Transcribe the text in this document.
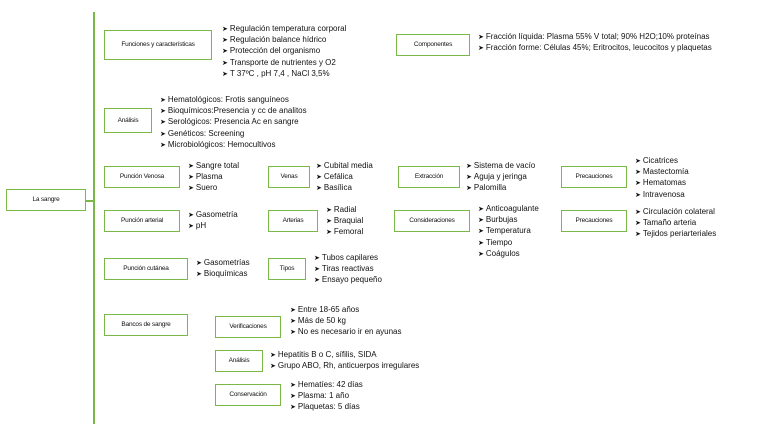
La sangre
Funciones y características
➤ Regulación temperatura corporal
➤ Regulación balance hídrico
➤ Protección del organismo
➤ Transporte de nutrientes y O2
➤ T 37ºC , pH 7,4 , NaCl 3,5%
Componentes
➤ Fracción líquida: Plasma 55% V total; 90% H2O;10% proteínas
➤ Fracción forme: Células 45%; Eritrocitos, leucocitos y plaquetas
Análisis
➤ Hematológicos: Frotis sanguíneos
➤ Bioquímicos:Presencia y cc de analitos
➤ Serológicos: Presencia Ac en sangre
➤ Genéticos: Screening
➤ Microbiológicos: Hemocultivos
Punción Venosa
➤ Sangre total
➤ Plasma
➤ Suero
Venas
➤ Cubital media
➤ Cefálica
➤ Basílica
Extracción
➤ Sistema de vacío
➤ Aguja y jeringa
➤ Palomilla
Precauciones
➤ Cicatrices
➤ Mastectomía
➤ Hematomas
➤ Intravenosa
Punción arterial
➤ Gasometría
➤ pH
Arterias
➤ Radial
➤ Braquial
➤ Femoral
Consideraciones
➤ Anticoagulante
➤ Burbujas
➤ Temperatura
➤ Tiempo
➤ Coágulos
Precauciones
➤ Circulación colateral
➤ Tamaño arteria
➤ Tejidos periarteriales
Punción cutánea
➤ Gasometrías
➤ Bioquímicas
Tipos
➤ Tubos capilares
➤ Tiras reactivas
➤ Ensayo pequeño
Bancos de sangre	Verificaciones
➤ Entre 18-65 años
➤ Más de 50 kg
➤ No es necesario ir en ayunas
Análisis
➤ Hepatitis B o C, sífilis, SIDA
➤ Grupo ABO, Rh, anticuerpos irregulares
Conservación
➤ Hematíes: 42 días
➤ Plasma: 1 año
➤ Plaquetas: 5 días
